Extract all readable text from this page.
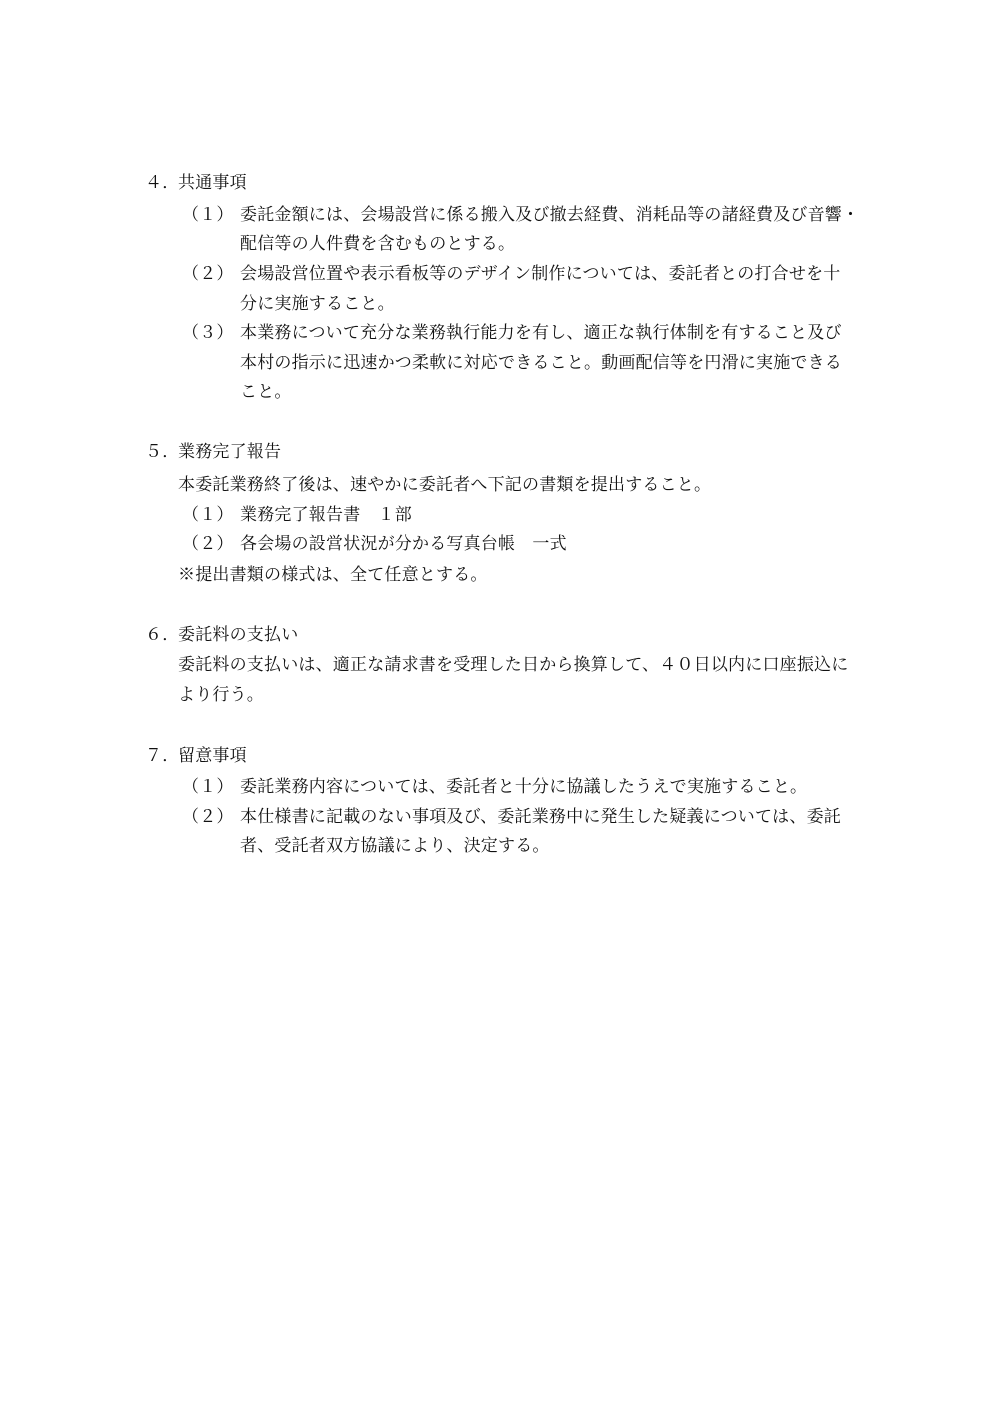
４．
共通事項
（１） 委託金額には、会場設営に係る搬入及び撤去経費、消耗品等の諸経費及び音響・
配信等の人件費を含むものとする。
（２） 会場設営位置や表示看板等のデザイン制作については、委託者との打合せを十
分に実施すること。
（３） 本業務について充分な業務執行能力を有し、適正な執行体制を有すること及び
本村の指示に迅速かつ柔軟に対応できること。動画配信等を円滑に実施できる
こと。
５．
業務完了報告
本委託業務終了後は、速やかに委託者へ下記の書類を提出すること。
（１） 業務完了報告書　１部
（２） 各会場の設営状況が分かる写真台帳　一式
※提出書類の様式は、全て任意とする。
６．
委託料の支払い
委託料の支払いは、適正な請求書を受理した日から換算して、４０日以内に口座振込に
より行う。
７．
留意事項
（１） 委託業務内容については、委託者と十分に協議したうえで実施すること。
（２） 本仕様書に記載のない事項及び、委託業務中に発生した疑義については、委託
者、受託者双方協議により、決定する。
